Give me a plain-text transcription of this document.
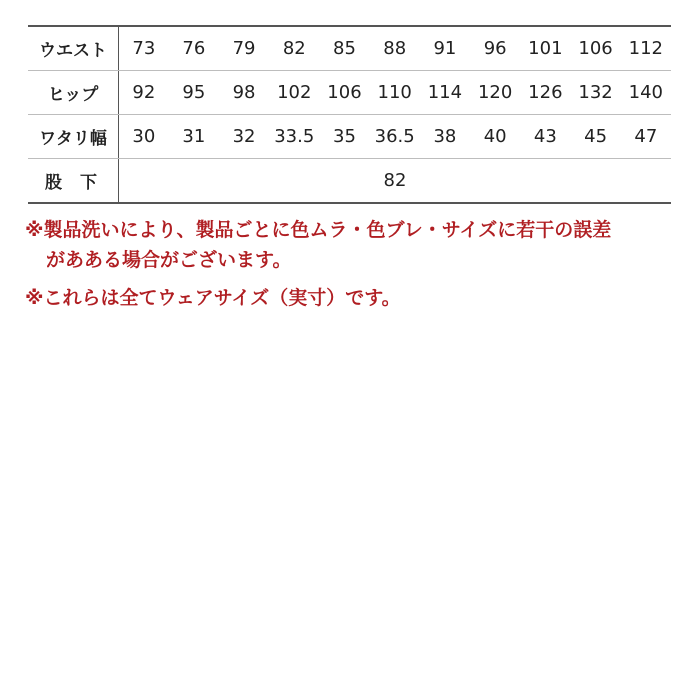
ウエスト	73	76	79	82	85	88	91	96	101	106	112
ヒップ	92	95	98	102	106	110	114	120	126	132	140
ワタリ幅	30	31	32	33.5	35	36.5	38	40	43	45	47
股下	82										
※製品洗いにより、製品ごとに色ムラ・色ブレ・サイズに若干の誤差
があある場合がございます。
※これらは全てウェアサイズ（実寸）です。
